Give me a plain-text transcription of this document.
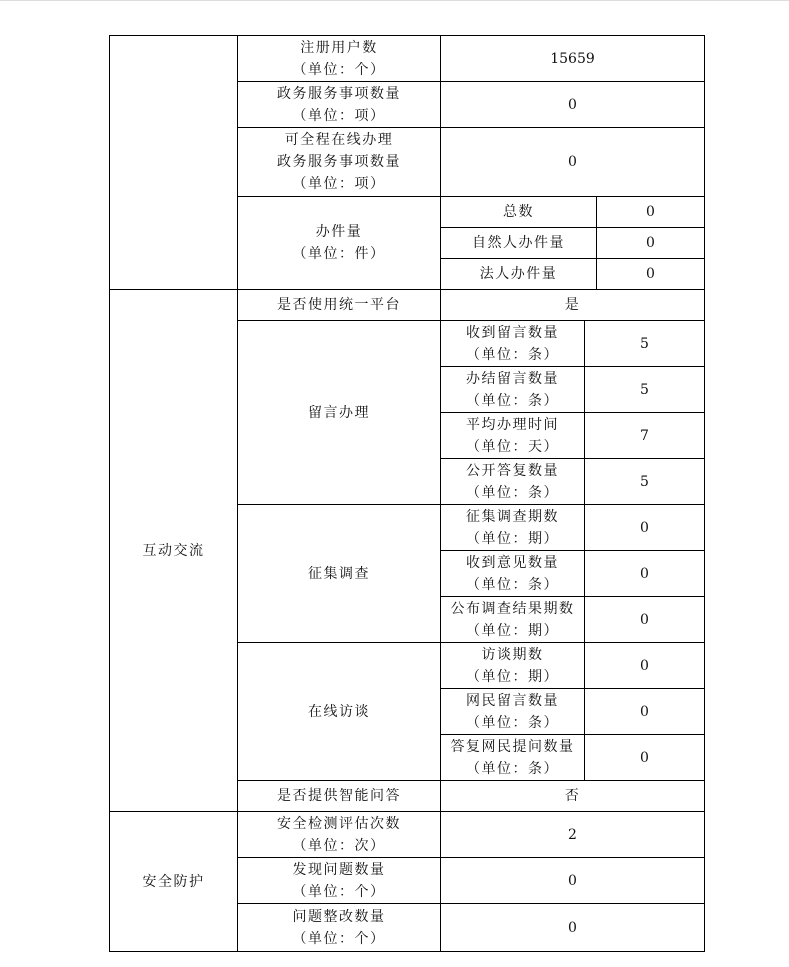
	注册用户数
（单位：个）	15659		

	政务服务事项数量
（单位：项）	0		

	可全程在线办理
政务服务事项数量
（单位：项）	0		

	办件量
（单位：件）	总数		0
		自然人办件量		0
		法人办件量		0
互动交流	是否使用统一平台	是		
	留言办理	收到留言数量
（单位：条）	5	

		办结留言数量
（单位：条）	5	

		平均办理时间
（单位：天）	7	

		公开答复数量
（单位：条）	5	
	征集调查	征集调查期数
（单位：期）	0	

		收到意见数量
（单位：条）	0	

		公布调查结果期数
（单位：期）	0	
	在线访谈	访谈期数
（单位：期）	0	

		网民留言数量
（单位：条）	0	

		答复网民提问数量
（单位：条）	0	
	是否提供智能问答	否		
安全防护	安全检测评估次数
（单位：次）	2		

	发现问题数量
（单位：个）	0		

	问题整改数量
（单位：个）	0		
